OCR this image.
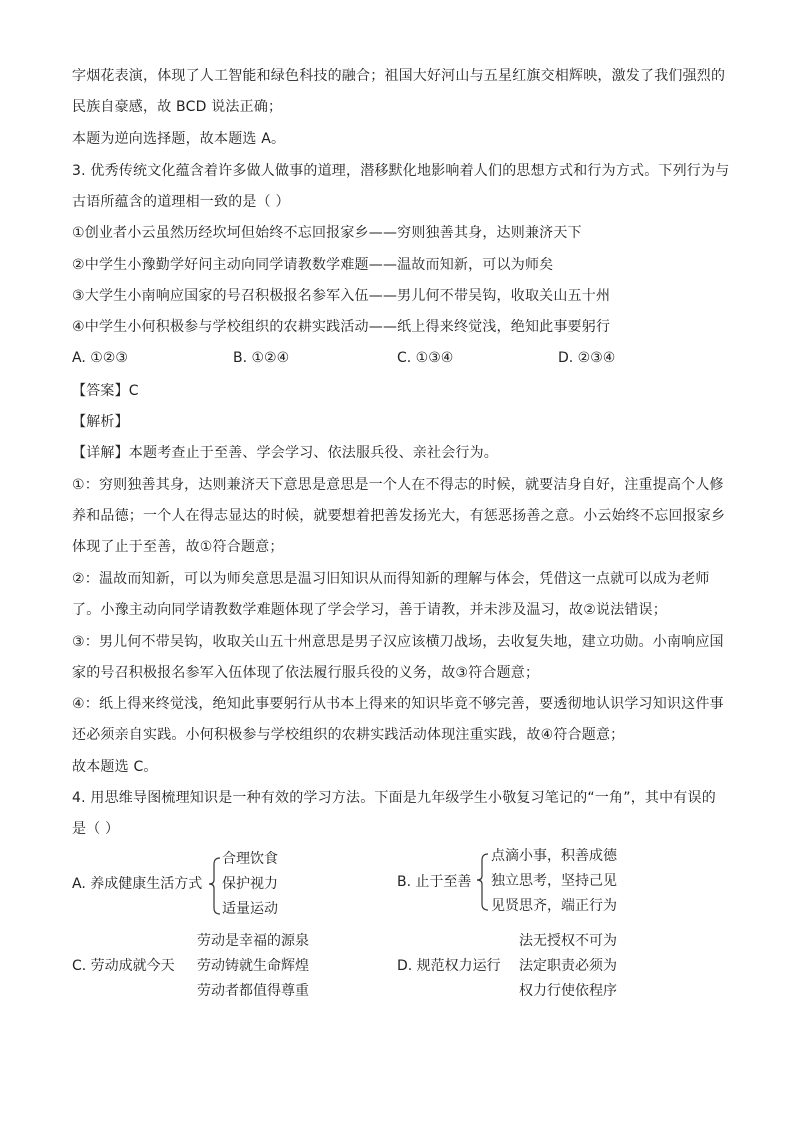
字烟花表演，体现了人工智能和绿色科技的融合；祖国大好河山与五星红旗交相辉映，激发了我们强烈的
民族自豪感，故 BCD 说法正确；
本题为逆向选择题，故本题选 A。
3. 优秀传统文化蕴含着许多做人做事的道理，潜移默化地影响着人们的思想方式和行为方式。下列行为与
古语所蕴含的道理相一致的是（ ）
①创业者小云虽然历经坎坷但始终不忘回报家乡——穷则独善其身，达则兼济天下
②中学生小豫勤学好问主动向同学请教数学难题——温故而知新，可以为师矣
③大学生小南响应国家的号召积极报名参军入伍——男儿何不带吴钩，收取关山五十州
④中学生小何积极参与学校组织的农耕实践活动——纸上得来终觉浅，绝知此事要躬行
A. ①②③	B. ①②④	C. ①③④	D. ②③④
【答案】C
【解析】
【详解】本题考查止于至善、学会学习、依法服兵役、亲社会行为。
①：穷则独善其身，达则兼济天下意思是意思是一个人在不得志的时候，就要洁身自好，注重提高个人修
养和品德；一个人在得志显达的时候，就要想着把善发扬光大，有惩恶扬善之意。小云始终不忘回报家乡
体现了止于至善，故①符合题意；
②：温故而知新，可以为师矣意思是温习旧知识从而得知新的理解与体会，凭借这一点就可以成为老师
了。小豫主动向同学请教数学难题体现了学会学习，善于请教，并未涉及温习，故②说法错误；
③：男儿何不带吴钩，收取关山五十州意思是男子汉应该横刀战场，去收复失地，建立功勋。小南响应国
家的号召积极报名参军入伍体现了依法履行服兵役的义务，故③符合题意；
④：纸上得来终觉浅，绝知此事要躬行从书本上得来的知识毕竟不够完善，要透彻地认识学习知识这件事
还必须亲自实践。小何积极参与学校组织的农耕实践活动体现注重实践，故④符合题意；
故本题选 C。
4. 用思维导图梳理知识是一种有效的学习方法。下面是九年级学生小敬复习笔记的“一角”，其中有误的
是（ ）
A. 养成健康生活方式
合理饮食
保护视力
适量运动
B. 止于至善
点滴小事，积善成德
独立思考，坚持己见
见贤思齐，端正行为
C. 劳动成就今天
劳动是幸福的源泉
劳动铸就生命辉煌
劳动者都值得尊重
D. 规范权力运行
法无授权不可为
法定职责必须为
权力行使依程序
